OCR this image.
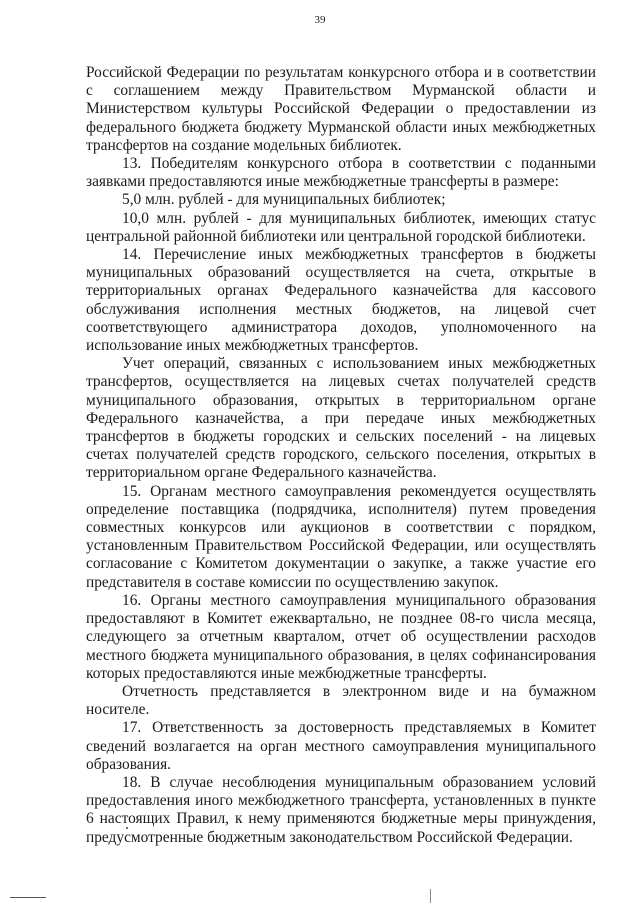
39

Российской Федерации по результатам конкурсного отбора и в соответствии с соглашением между Правительством Мурманской области и Министерством культуры Российской Федерации о предоставлении из федерального бюджета бюджету Мурманской области иных межбюджетных трансфертов на создание модельных библиотек.

13. Победителям конкурсного отбора в соответствии с поданными заявками предоставляются иные межбюджетные трансферты в размере:

5,0 млн. рублей - для муниципальных библиотек;

10,0 млн. рублей - для муниципальных библиотек, имеющих статус центральной районной библиотеки или центральной городской библиотеки.

14. Перечисление иных межбюджетных трансфертов в бюджеты муниципальных образований осуществляется на счета, открытые в территориальных органах Федерального казначейства для кассового обслуживания исполнения местных бюджетов, на лицевой счет соответствующего администратора доходов, уполномоченного на использование иных межбюджетных трансфертов.

Учет операций, связанных с использованием иных межбюджетных трансфертов, осуществляется на лицевых счетах получателей средств муниципального образования, открытых в территориальном органе Федерального казначейства, а при передаче иных межбюджетных трансфертов в бюджеты городских и сельских поселений - на лицевых счетах получателей средств городского, сельского поселения, открытых в территориальном органе Федерального казначейства.

15. Органам местного самоуправления рекомендуется осуществлять определение поставщика (подрядчика, исполнителя) путем проведения совместных конкурсов или аукционов в соответствии с порядком, установленным Правительством Российской Федерации, или осуществлять согласование с Комитетом документации о закупке, а также участие его представителя в составе комиссии по осуществлению закупок.

16. Органы местного самоуправления муниципального образования предоставляют в Комитет ежеквартально, не позднее 08-го числа месяца, следующего за отчетным кварталом, отчет об осуществлении расходов местного бюджета муниципального образования, в целях софинансирования которых предоставляются иные межбюджетные трансферты.

Отчетность представляется в электронном виде и на бумажном носителе.

17. Ответственность за достоверность представляемых в Комитет сведений возлагается на орган местного самоуправления муниципального образования.

18. В случае несоблюдения муниципальным образованием условий предоставления иного межбюджетного трансферта, установленных в пункте 6 настоящих Правил, к нему применяются бюджетные меры принуждения, предусмотренные бюджетным законодательством Российской Федерации.
